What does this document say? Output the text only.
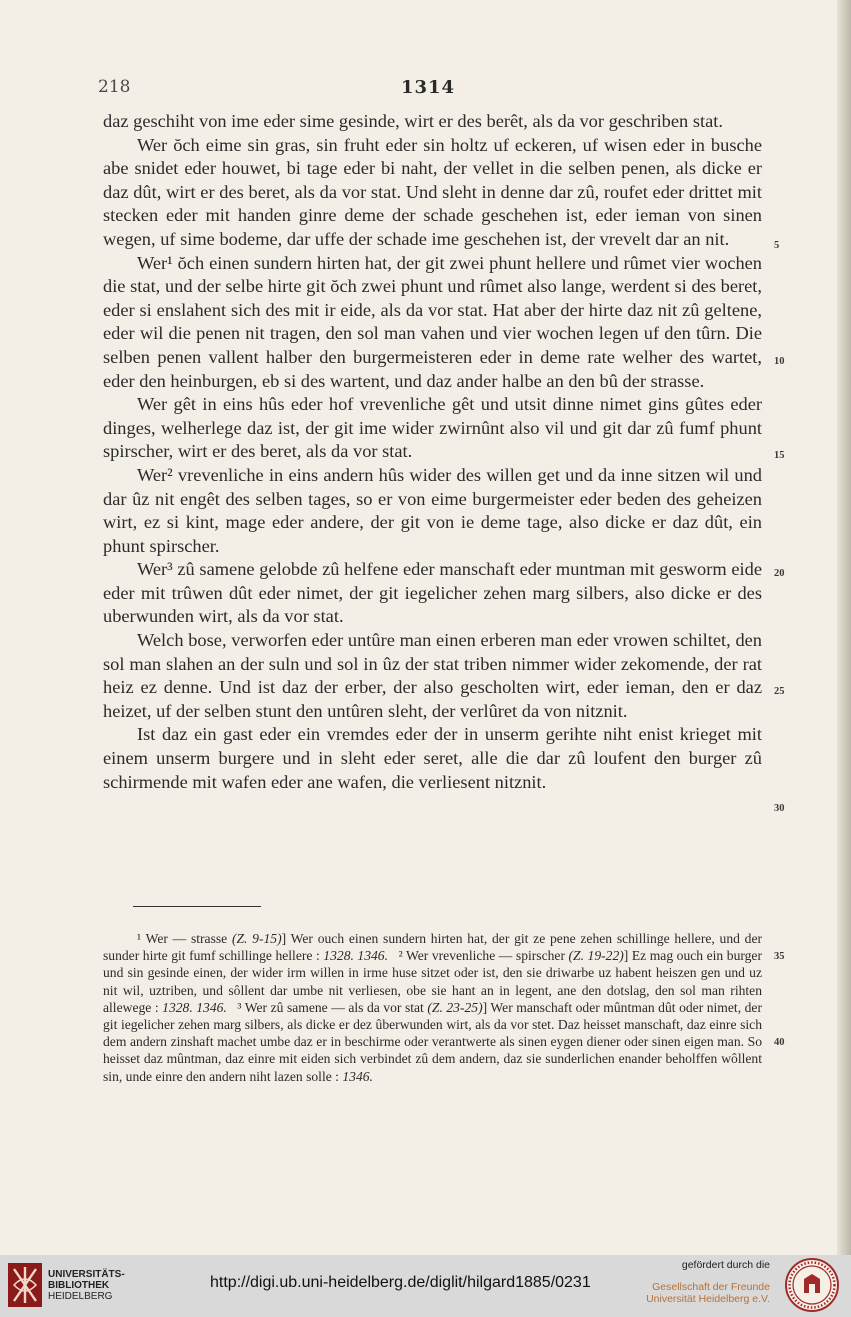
218	1314

daz geschiht von ime eder sime gesinde, wirt er des berêt, als da vor geschriben stat.

Wer ŏch eime sin gras, sin fruht eder sin holtz uf eckeren, uf wisen eder in busche abe snidet eder houwet, bi tage eder bi naht, der vellet in die selben penen, als dicke er daz dût, wirt er des beret, als da vor stat. Und sleht in denne dar zû, roufet eder drittet mit stecken eder mit handen ginre deme der schade geschehen ist, eder ieman von sinen wegen, uf sime bodeme, dar uffe der schade ime geschehen ist, der vrevelt dar an nit.

Wer¹ ŏch einen sundern hirten hat, der git zwei phunt hellere und rûmet vier wochen die stat, und der selbe hirte git ŏch zwei phunt und rûmet also lange, werdent si des beret, eder si enslahent sich des mit ir eide, als da vor stat. Hat aber der hirte daz nit zû geltene, eder wil die penen nit tragen, den sol man vahen und vier wochen legen uf den tûrn. Die selben penen vallent halber den burgermeisteren eder in deme rate welher des wartet, eder den heinburgen, eb si des wartent, und daz ander halbe an den bû der strasse.

Wer gêt in eins hûs eder hof vrevenliche gêt und utsit dinne nimet gins gûtes eder dinges, welherlege daz ist, der git ime wider zwirnûnt also vil und git dar zû fumf phunt spirscher, wirt er des beret, als da vor stat.

Wer² vrevenliche in eins andern hûs wider des willen get und da inne sitzen wil und dar ûz nit engêt des selben tages, so er von eime burgermeister eder beden des geheizen wirt, ez si kint, mage eder andere, der git von ie deme tage, also dicke er daz dût, ein phunt spirscher.

Wer³ zû samene gelobde zû helfene eder manschaft eder muntman mit gesworm eide eder mit trûwen dût eder nimet, der git iegelicher zehen marg silbers, also dicke er des uberwunden wirt, als da vor stat.

Welch bose, verworfen eder untûre man einen erberen man eder vrowen schiltet, den sol man slahen an der suln und sol in ûz der stat triben nimmer wider zekomende, der rat heiz ez denne. Und ist daz der erber, der also gescholten wirt, eder ieman, den er daz heizet, uf der selben stunt den untûren sleht, der verlûret da von nitznit.

Ist daz ein gast eder ein vremdes eder der in unserm gerihte niht enist krieget mit einem unserm burgere und in sleht eder seret, alle die dar zû loufent den burger zû schirmende mit wafen eder ane wafen, die verliesent nitznit.

5
10
15
20
25
30

¹ Wer — strasse (Z. 9-15)] Wer ouch einen sundern hirten hat, der git ze pene zehen schillinge hellere, und der sunder hirte git fumf schillinge hellere : 1328. 1346. ² Wer vrevenliche — spirscher (Z. 19-22)] Ez mag ouch ein burger und sin gesinde einen, der wider irm willen in irme huse sitzet oder ist, den sie driwarbe uz habent heiszen gen und uz nit wil, uztriben, und sôllent dar umbe nit verliesen, obe sie hant an in legent, ane den dotslag, den sol man rihten allewege : 1328. 1346. ³ Wer zû samene — als da vor stat (Z. 23-25)] Wer manschaft oder mûntman dût oder nimet, der git iegelicher zehen marg silbers, als dicke er dez ûberwunden wirt, als da vor stet. Daz heisset manschaft, daz einre sich dem andern zinshaft machet umbe daz er in beschirme oder verantwerte als sinen eygen diener oder sinen eigen man. So heisset daz mûntman, daz einre mit eiden sich verbindet zû dem andern, daz sie sunderlichen enander beholffen wôllent sin, unde einre den andern niht lazen solle : 1346.

35
40
UNIVERSITÄTS-
BIBLIOTHEK
HEIDELBERG
http://digi.ub.uni-heidelberg.de/diglit/hilgard1885/0231
gefördert durch die
Gesellschaft der Freunde
Universität Heidelberg e.V.
